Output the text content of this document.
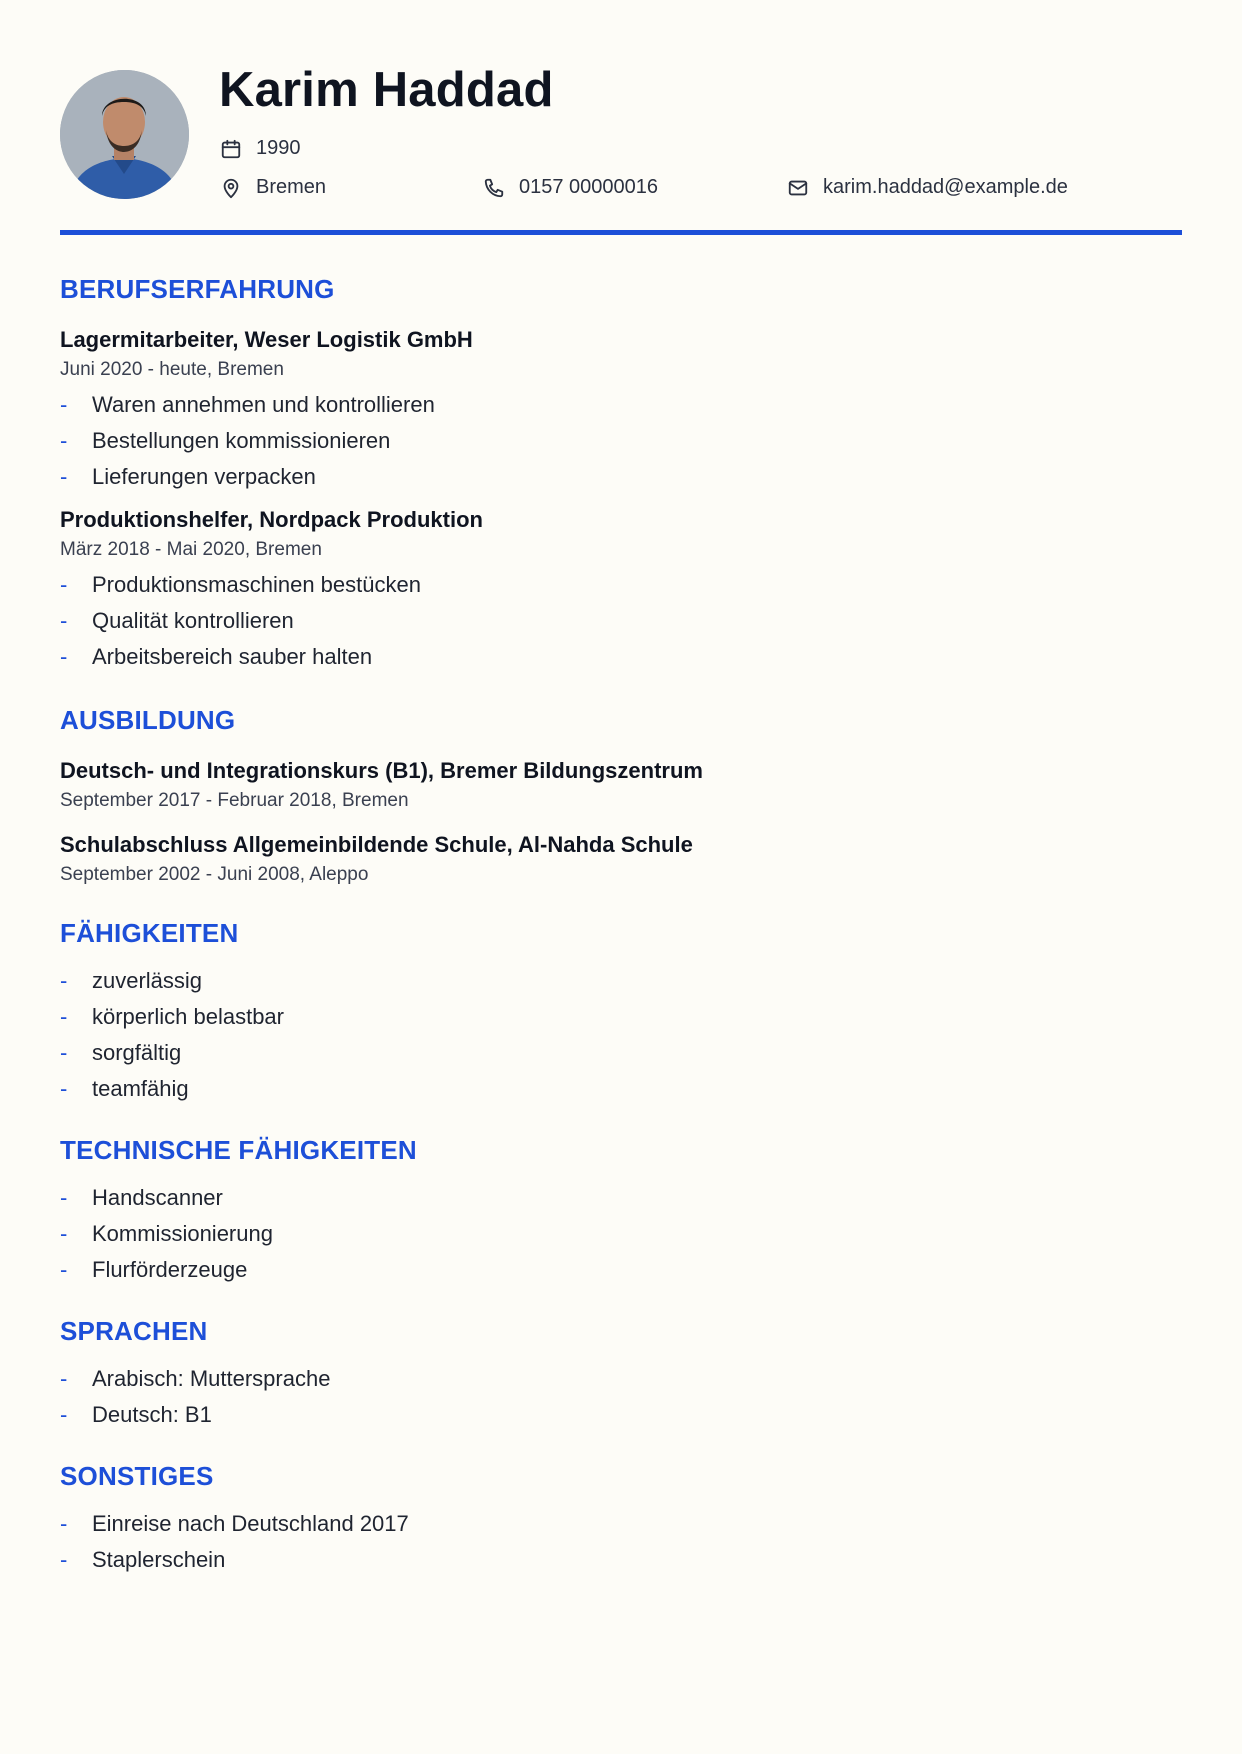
Karim Haddad
1990
Bremen	0157 00000016	karim.haddad@example.de
BERUFSERFAHRUNG

Lagermitarbeiter, Weser Logistik GmbH

Juni 2020 - heute, Bremen

- Waren annehmen und kontrollieren
- Bestellungen kommissionieren
- Lieferungen verpacken

Produktionshelfer, Nordpack Produktion

März 2018 - Mai 2020, Bremen

- Produktionsmaschinen bestücken
- Qualität kontrollieren
- Arbeitsbereich sauber halten
AUSBILDUNG

Deutsch- und Integrationskurs (B1), Bremer Bildungszentrum

September 2017 - Februar 2018, Bremen

Schulabschluss Allgemeinbildende Schule, Al-Nahda Schule

September 2002 - Juni 2008, Aleppo

FÄHIGKEITEN
- zuverlässig
- körperlich belastbar
- sorgfältig
- teamfähig
TECHNISCHE FÄHIGKEITEN
- Handscanner
- Kommissionierung
- Flurförderzeuge
SPRACHEN
- Arabisch: Muttersprache
- Deutsch: B1
SONSTIGES
- Einreise nach Deutschland 2017
- Staplerschein
